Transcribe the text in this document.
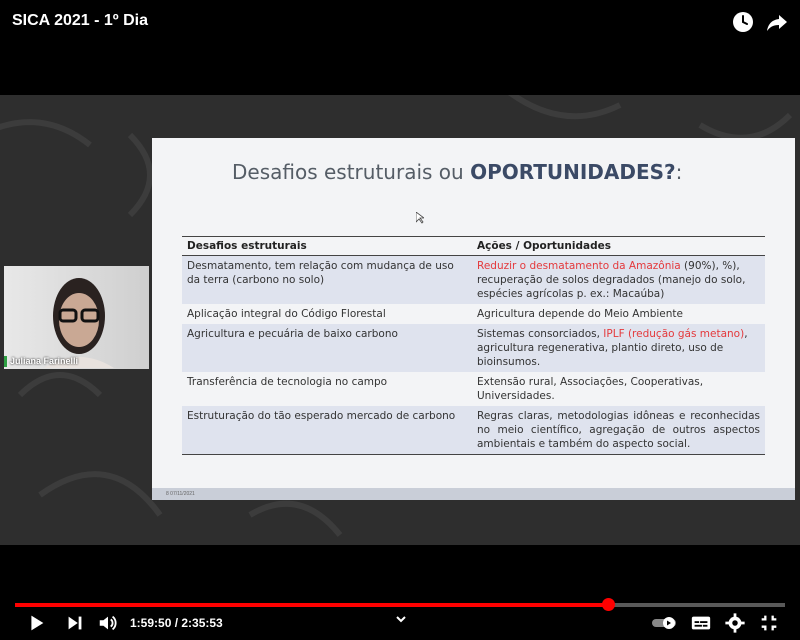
SICA 2021 - 1º Dia
Juliana Farinelli
Desafios estruturais ou OPORTUNIDADES?:
Desafios estruturais	Ações / Oportunidades
Desmatamento, tem relação com mudança de uso da terra (carbono no solo)	Reduzir o desmatamento da Amazônia (90%), %), recuperação de solos degradados (manejo do solo, espécies agrícolas p. ex.: Macaúba)
Aplicação integral do Código Florestal	Agricultura depende do Meio Ambiente
Agricultura e pecuária de baixo carbono	Sistemas consorciados, IPLF (redução gás metano), agricultura regenerativa, plantio direto, uso de bioinsumos.
Transferência de tecnologia no campo	Extensão rural, Associações, Cooperativas, Universidades.
Estruturação do tão esperado mercado de carbono	Regras claras, metodologias idôneas e reconhecidas no meio científico, agregação de outros aspectos ambientais e também do aspecto social.
8 07/11/2021
1:59:50 / 2:35:53
